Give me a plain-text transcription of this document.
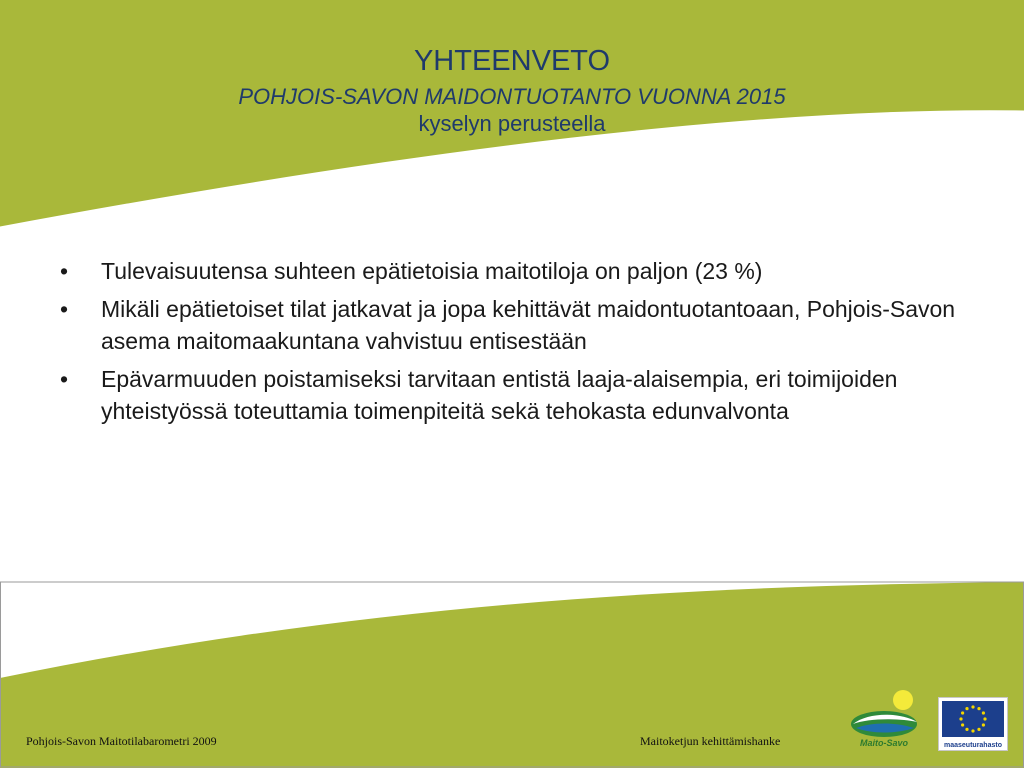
YHTEENVETO
POHJOIS-SAVON MAIDONTUOTANTO VUONNA 2015
kyselyn perusteella
• Tulevaisuutensa suhteen epätietoisia maitotiloja on paljon (23 %)
• Mikäli epätietoiset tilat jatkavat ja jopa kehittävät maidontuotantoaan, Pohjois-Savon asema maitomaakuntana vahvistuu entisestään
• Epävarmuuden poistamiseksi tarvitaan entistä laaja-alaisempia, eri toimijoiden yhteistyössä toteuttamia toimenpiteitä sekä tehokasta edunvalvonta
Pohjois-Savon Maitotilabarometri 2009	Maitoketjun kehittämishanke	Maito-Savo	maaseuturahasto
